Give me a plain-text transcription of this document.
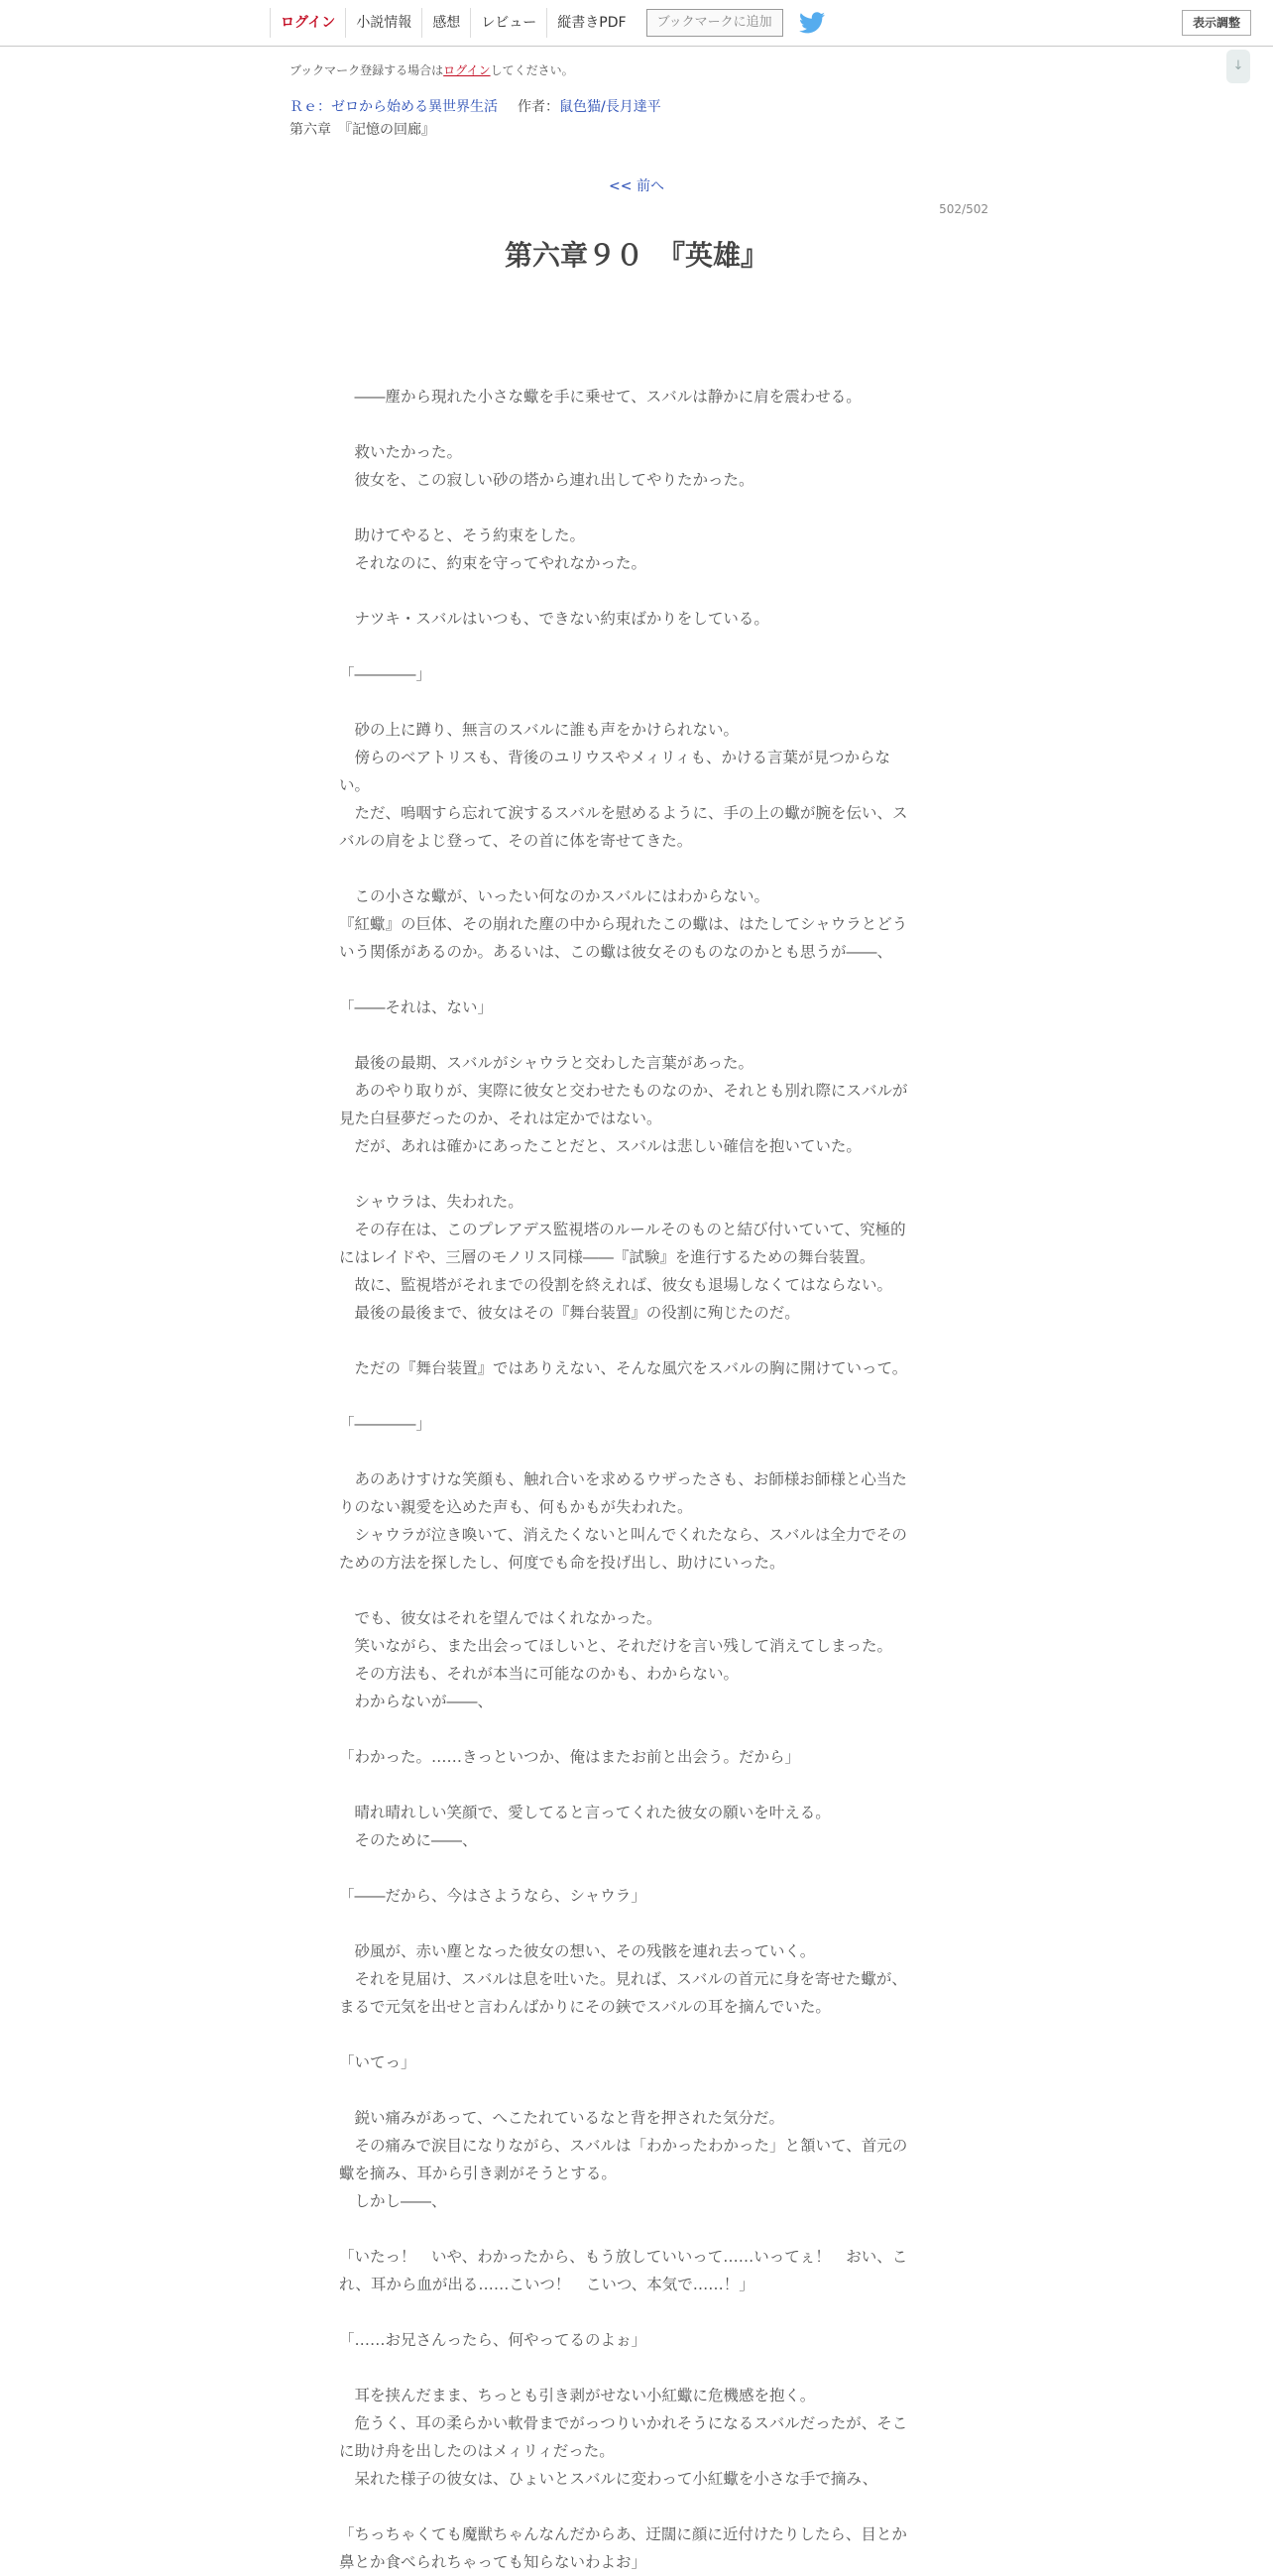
ログイン	小説情報	感想	レビュー	縦書きPDF	ブックマークに追加	表示調整
↓
ブックマーク登録する場合はログインしてください。
Ｒｅ：ゼロから始める異世界生活 作者：鼠色猫/長月達平
第六章　『記憶の回廊』
<< 前へ
502/502
第六章９０　『英雄』

　――塵から現れた小さな蠍を手に乗せて、スバルは静かに肩を震わせる。

　救いたかった。

　彼女を、この寂しい砂の塔から連れ出してやりたかった。

　助けてやると、そう約束をした。

　それなのに、約束を守ってやれなかった。

　ナツキ・スバルはいつも、できない約束ばかりをしている。

「――――」

　砂の上に蹲り、無言のスバルに誰も声をかけられない。

　傍らのベアトリスも、背後のユリウスやメィリィも、かける言葉が見つからな

い。

　ただ、嗚咽すら忘れて涙するスバルを慰めるように、手の上の蠍が腕を伝い、ス

バルの肩をよじ登って、その首に体を寄せてきた。

　この小さな蠍が、いったい何なのかスバルにはわからない。

『紅蠍』の巨体、その崩れた塵の中から現れたこの蠍は、はたしてシャウラとどう

いう関係があるのか。あるいは、この蠍は彼女そのものなのかとも思うが――、

「――それは、ない」

　最後の最期、スバルがシャウラと交わした言葉があった。

　あのやり取りが、実際に彼女と交わせたものなのか、それとも別れ際にスバルが

見た白昼夢だったのか、それは定かではない。

　だが、あれは確かにあったことだと、スバルは悲しい確信を抱いていた。

　シャウラは、失われた。

　その存在は、このプレアデス監視塔のルールそのものと結び付いていて、究極的

にはレイドや、三層のモノリス同様――『試験』を進行するための舞台装置。

　故に、監視塔がそれまでの役割を終えれば、彼女も退場しなくてはならない。

　最後の最後まで、彼女はその『舞台装置』の役割に殉じたのだ。

　ただの『舞台装置』ではありえない、そんな風穴をスバルの胸に開けていって。

「――――」

　あのあけすけな笑顔も、触れ合いを求めるウザったさも、お師様お師様と心当た

りのない親愛を込めた声も、何もかもが失われた。

　シャウラが泣き喚いて、消えたくないと叫んでくれたなら、スバルは全力でその

ための方法を探したし、何度でも命を投げ出し、助けにいった。

　でも、彼女はそれを望んではくれなかった。

　笑いながら、また出会ってほしいと、それだけを言い残して消えてしまった。

　その方法も、それが本当に可能なのかも、わからない。

　わからないが――、

「わかった。……きっといつか、俺はまたお前と出会う。だから」

　晴れ晴れしい笑顔で、愛してると言ってくれた彼女の願いを叶える。

　そのために――、

「――だから、今はさようなら、シャウラ」

　砂風が、赤い塵となった彼女の想い、その残骸を連れ去っていく。

　それを見届け、スバルは息を吐いた。見れば、スバルの首元に身を寄せた蠍が、

まるで元気を出せと言わんばかりにその鋏でスバルの耳を摘んでいた。

「いてっ」

　鋭い痛みがあって、へこたれているなと背を押された気分だ。

　その痛みで涙目になりながら、スバルは「わかったわかった」と頷いて、首元の

蠍を摘み、耳から引き剥がそうとする。

　しかし――、

「いたっ！　いや、わかったから、もう放していいって……いってぇ！　おい、こ

れ、耳から血が出る……こいつ！　こいつ、本気で……！」

「……お兄さんったら、何やってるのよぉ」

　耳を挟んだまま、ちっとも引き剥がせない小紅蠍に危機感を抱く。

　危うく、耳の柔らかい軟骨までがっつりいかれそうになるスバルだったが、そこ

に助け舟を出したのはメィリィだった。

　呆れた様子の彼女は、ひょいとスバルに変わって小紅蠍を小さな手で摘み、

「ちっちゃくても魔獣ちゃんなんだからあ、迂闊に顔に近付けたりしたら、目とか

鼻とか食べられちゃっても知らないわよお」
